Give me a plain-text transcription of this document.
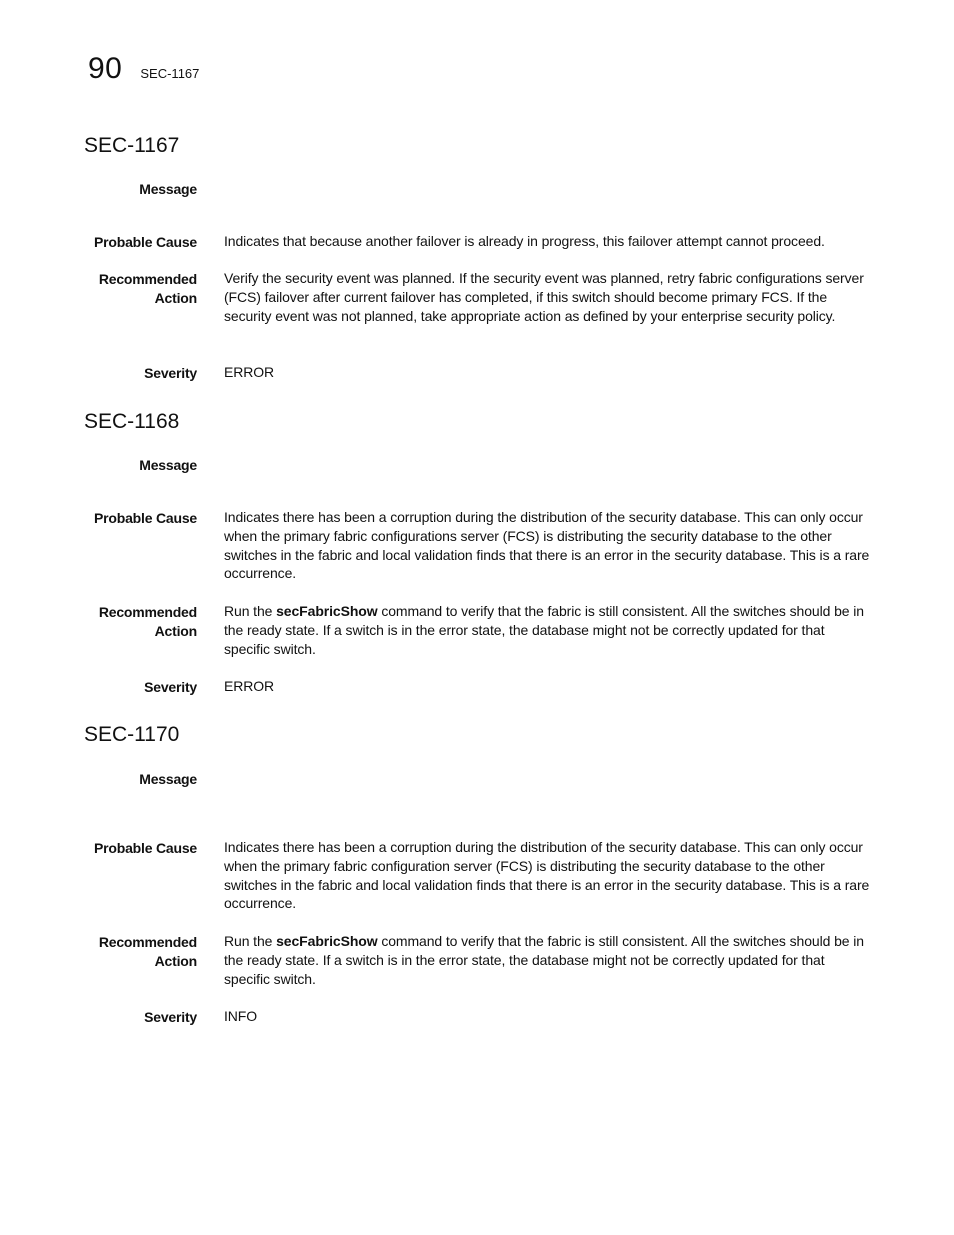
90 SEC-1167
SEC-1167
Message
Probable Cause Indicates that because another failover is already in progress, this failover attempt cannot proceed.
Recommended
Action
Verify the security event was planned. If the security event was planned, retry fabric configurations server (FCS) failover after current failover has completed, if this switch should become primary FCS. If the security event was not planned, take appropriate action as defined by your enterprise security policy.
Severity ERROR
SEC-1168
Message
Probable Cause Indicates there has been a corruption during the distribution of the security database. This can only occur when the primary fabric configurations server (FCS) is distributing the security database to the other switches in the fabric and local validation finds that there is an error in the security database. This is a rare occurrence.
Recommended
Action
Run the secFabricShow command to verify that the fabric is still consistent. All the switches should be in the ready state. If a switch is in the error state, the database might not be correctly updated for that specific switch.
Severity ERROR
SEC-1170
Message
Probable Cause Indicates there has been a corruption during the distribution of the security database. This can only occur when the primary fabric configuration server (FCS) is distributing the security database to the other switches in the fabric and local validation finds that there is an error in the security database. This is a rare occurrence.
Recommended
Action
Run the secFabricShow command to verify that the fabric is still consistent. All the switches should be in the ready state. If a switch is in the error state, the database might not be correctly updated for that specific switch.
Severity INFO
